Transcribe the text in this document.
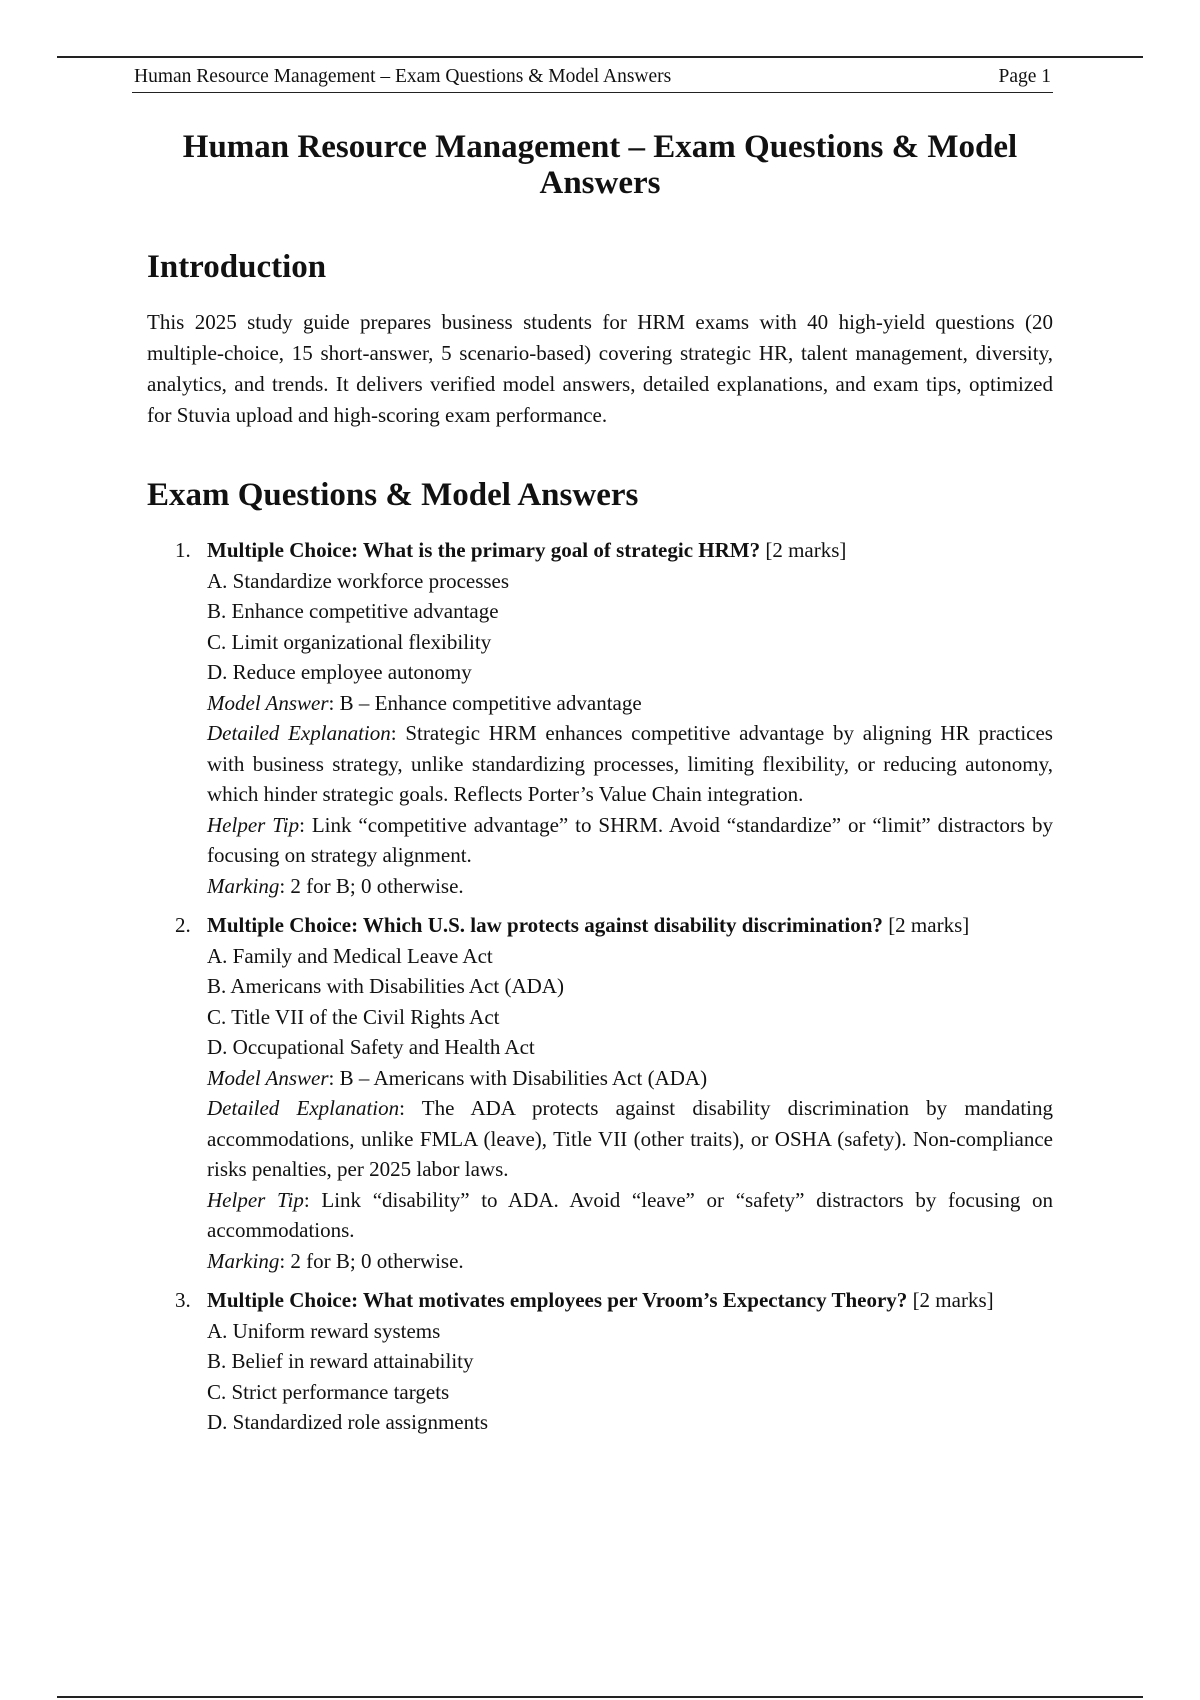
Human Resource Management – Exam Questions & Model Answers	Page 1
Human Resource Management – Exam Questions & Model Answers
Introduction

This 2025 study guide prepares business students for HRM exams with 40 high-yield questions (20 multiple-choice, 15 short-answer, 5 scenario-based) covering strategic HR, talent management, diversity, analytics, and trends. It delivers verified model answers, detailed explanations, and exam tips, optimized for Stuvia upload and high-scoring exam performance.

Exam Questions & Model Answers
1. Multiple Choice: What is the primary goal of strategic HRM? [2 marks]
A. Standardize workforce processes
B. Enhance competitive advantage
C. Limit organizational flexibility
D. Reduce employee autonomy
Model Answer: B – Enhance competitive advantage
Detailed Explanation: Strategic HRM enhances competitive advantage by aligning HR practices with business strategy, unlike standardizing processes, limiting flexibility, or reducing autonomy, which hinder strategic goals. Reflects Porter’s Value Chain integration.
Helper Tip: Link “competitive advantage” to SHRM. Avoid “standardize” or “limit” distractors by focusing on strategy alignment.
Marking: 2 for B; 0 otherwise.
2. Multiple Choice: Which U.S. law protects against disability discrimination? [2 marks]
A. Family and Medical Leave Act
B. Americans with Disabilities Act (ADA)
C. Title VII of the Civil Rights Act
D. Occupational Safety and Health Act
Model Answer: B – Americans with Disabilities Act (ADA)
Detailed Explanation: The ADA protects against disability discrimination by mandating accommodations, unlike FMLA (leave), Title VII (other traits), or OSHA (safety). Non-compliance risks penalties, per 2025 labor laws.
Helper Tip: Link “disability” to ADA. Avoid “leave” or “safety” distractors by focusing on accommodations.
Marking: 2 for B; 0 otherwise.
3. Multiple Choice: What motivates employees per Vroom’s Expectancy Theory? [2 marks]
A. Uniform reward systems
B. Belief in reward attainability
C. Strict performance targets
D. Standardized role assignments
